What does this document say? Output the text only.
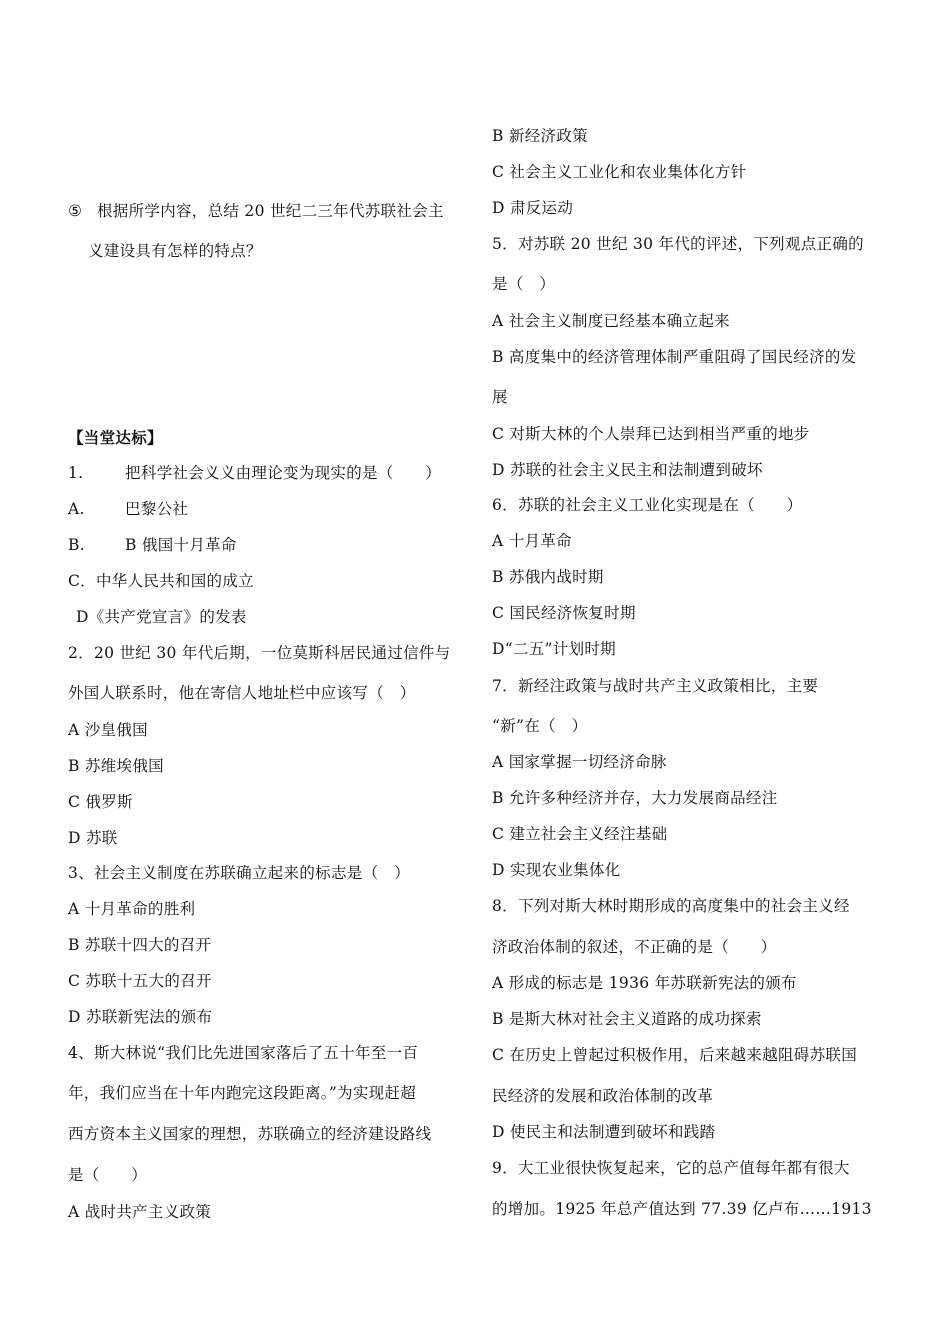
⑤ 根据所学内容，总结 20 世纪二三年代苏联社会主
义建设具有怎样的特点？
【当堂达标】
1.	把科学社会义义由理论变为现实的是（　　）
A.	巴黎公社
B.	B 俄国十月革命
C．中华人民共和国的成立
D《共产党宣言》的发表
2．20 世纪 30 年代后期，一位莫斯科居民通过信件与
外国人联系时，他在寄信人地址栏中应该写（　）
A 沙皇俄国
B 苏维埃俄国
C 俄罗斯
D 苏联
3、社会主义制度在苏联确立起来的标志是（　）
A 十月革命的胜利
B 苏联十四大的召开
C 苏联十五大的召开
D 苏联新宪法的颁布
4、斯大林说“我们比先进国家落后了五十年至一百
年，我们应当在十年内跑完这段距离。”为实现赶超
西方资本主义国家的理想，苏联确立的经济建设路线
是（　　）
A 战时共产主义政策
B 新经济政策
C 社会主义工业化和农业集体化方针
D 肃反运动
5．对苏联 20 世纪 30 年代的评述，下列观点正确的
是（　）
A 社会主义制度已经基本确立起来
B 高度集中的经济管理体制严重阻碍了国民经济的发
展
C 对斯大林的个人崇拜已达到相当严重的地步
D 苏联的社会主义民主和法制遭到破坏
6．苏联的社会主义工业化实现是在（　　）
A 十月革命
B 苏俄内战时期
C 国民经济恢复时期
D“二五”计划时期
7．新经注政策与战时共产主义政策相比，主要
“新”在（　）
A 国家掌握一切经济命脉
B 允许多种经济并存，大力发展商品经注
C 建立社会主义经注基础
D 实现农业集体化
8．下列对斯大林时期形成的高度集中的社会主义经
济政治体制的叙述，不正确的是（　　）
A 形成的标志是 1936 年苏联新宪法的颁布
B 是斯大林对社会主义道路的成功探索
C 在历史上曾起过积极作用，后来越来越阻碍苏联国
民经济的发展和政治体制的改革
D 使民主和法制遭到破坏和践踏
9．大工业很快恢复起来，它的总产值每年都有很大
的增加。1925 年总产值达到 77.39 亿卢布……1913
